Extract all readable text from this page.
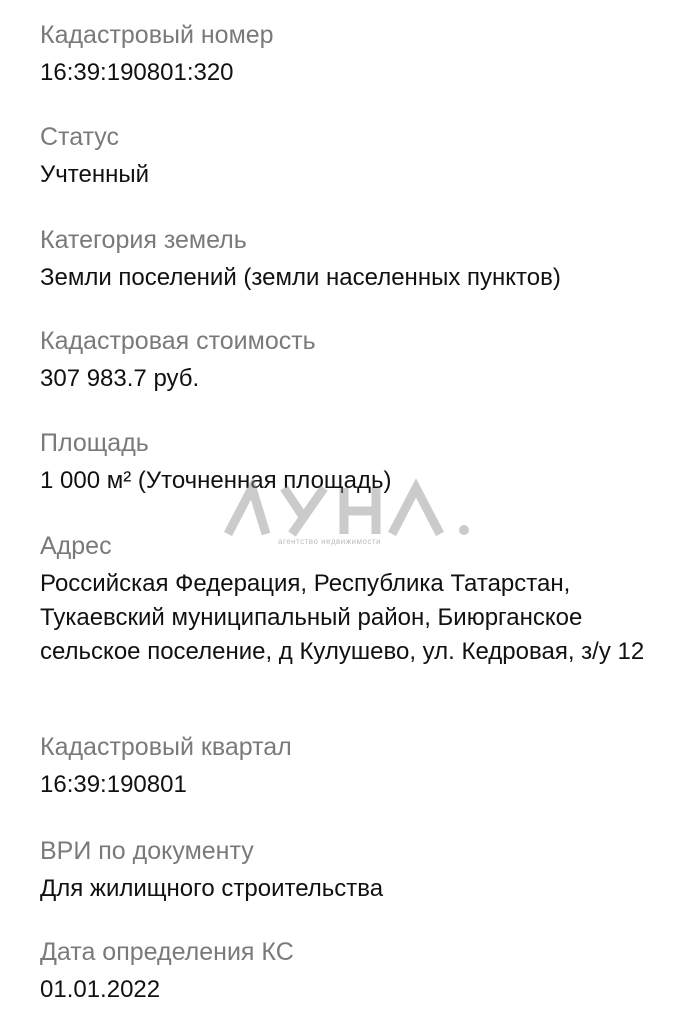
Кадастровый номер
16:39:190801:320
Статус
Учтенный
Категория земель
Земли поселений (земли населенных пунктов)
Кадастровая стоимость
307 983.7 руб.
Площадь
1 000 м² (Уточненная площадь)
Адрес
Российская Федерация, Республика Татарстан, Тукаевский муниципальный район, Биюрганское сельское поселение, д Кулушево, ул. Кедровая, з/у 12
Кадастровый квартал
16:39:190801
ВРИ по документу
Для жилищного строительства
Дата определения КС
01.01.2022
агентство недвижимости
